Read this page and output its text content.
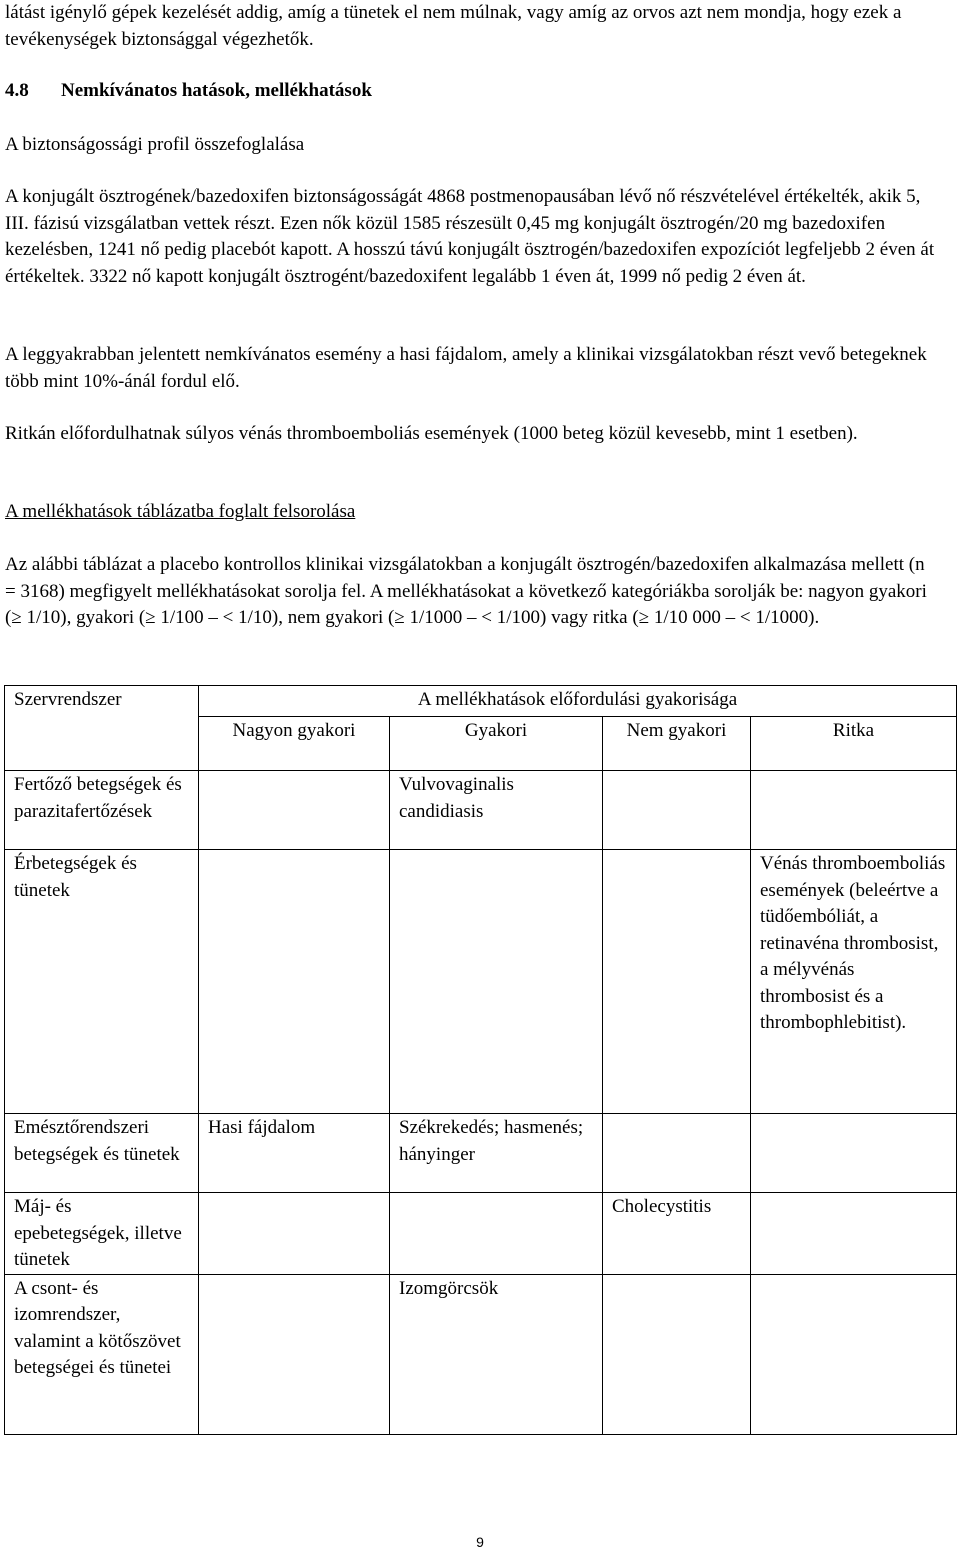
látást igénylő gépek kezelését addig, amíg a tünetek el nem múlnak, vagy amíg az orvos azt nem mondja, hogy ezek a tevékenységek biztonsággal végezhetők.

4.8 Nemkívánatos hatások, mellékhatások

A biztonságossági profil összefoglalása

A konjugált ösztrogének/bazedoxifen biztonságosságát 4868 postmenopausában lévő nő részvételével értékelték, akik 5, III. fázisú vizsgálatban vettek részt. Ezen nők közül 1585 részesült 0,45 mg konjugált ösztrogén/20 mg bazedoxifen kezelésben, 1241 nő pedig placebót kapott. A hosszú távú konjugált ösztrogén/bazedoxifen expozíciót legfeljebb 2 éven át értékeltek. 3322 nő kapott konjugált ösztrogént/bazedoxifent legalább 1 éven át, 1999 nő pedig 2 éven át.

A leggyakrabban jelentett nemkívánatos esemény a hasi fájdalom, amely a klinikai vizsgálatokban részt vevő betegeknek több mint 10%-ánál fordul elő.

Ritkán előfordulhatnak súlyos vénás thromboemboliás események (1000 beteg közül kevesebb, mint 1 esetben).

A mellékhatások táblázatba foglalt felsorolása

Az alábbi táblázat a placebo kontrollos klinikai vizsgálatokban a konjugált ösztrogén/bazedoxifen alkalmazása mellett (n = 3168) megfigyelt mellékhatásokat sorolja fel. A mellékhatásokat a következő kategóriákba sorolják be: nagyon gyakori (≥ 1/10), gyakori (≥ 1/100 – < 1/10), nem gyakori (≥ 1/1000 – < 1/100) vagy ritka (≥ 1/10 000 – < 1/1000).

Szervrendszer	A mellékhatások előfordulási gyakorisága			
	Nagyon gyakori	Gyakori	Nem gyakori	Ritka
Fertőző betegségek és parazitafertőzések		Vulvovaginalis candidiasis		
Érbetegségek és tünetek				Vénás thromboemboliás események (beleértve a tüdőembóliát, a retinavéna thrombosist, a mélyvénás thrombosist és a thrombophlebitist).
Emésztőrendszeri betegségek és tünetek	Hasi fájdalom	Székrekedés; hasmenés; hányinger		
Máj- és epebetegségek, illetve tünetek			Cholecystitis	
A csont- és izomrendszer, valamint a kötőszövet betegségei és tünetei		Izomgörcsök		
9
